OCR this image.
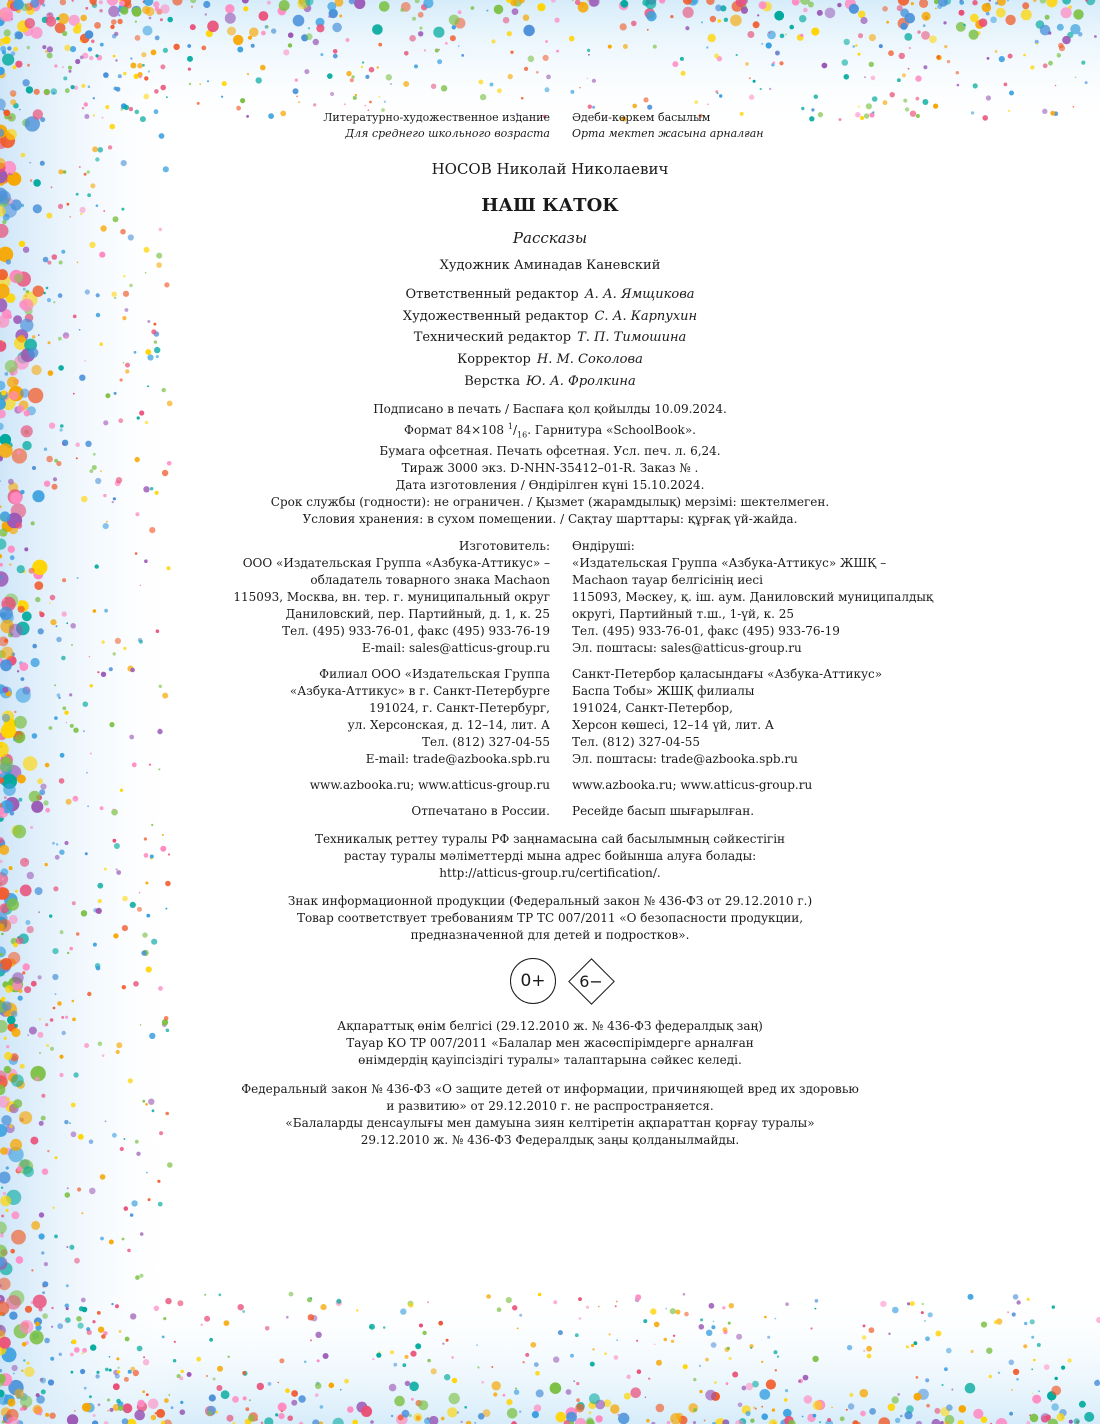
Литературно-художественное издание
Для среднего школьного возраста
Әдеби-көркем басылым
Орта мектеп жасына арналған
НОСОВ Николай Николаевич
НАШ КАТОК
Рассказы
Художник Аминадав Каневский
Ответственный редактор А. А. Ямщикова
Художественный редактор С. А. Карпухин
Технический редактор Т. П. Тимошина
Корректор Н. М. Соколова
Верстка Ю. А. Фролкина
Подписано в печать / Баспаға қол қойылды 10.09.2024.
Формат 84×108 $^1/_{16}$. Гарнитура «SchoolBook».
Бумага офсетная. Печать офсетная. Усл. печ. л. 6,24.
Тираж 3000 экз. D-NHN-35412–01-R. Заказ № .
Дата изготовления / Өндірілген күні 15.10.2024.
Срок службы (годности): не ограничен. / Қызмет (жарамдылық) мерзімі: шектелмеген.
Условия хранения: в сухом помещении. / Сақтау шарттары: құрғақ үй-жайда.
Изготовитель:
ООО «Издательская Группа «Азбука-Аттикус» –
обладатель товарного знака Machaon
115093, Москва, вн. тер. г. муниципальный округ
Даниловский, пер. Партийный, д. 1, к. 25
Тел. (495) 933-76-01, факс (495) 933-76-19
E-mail: sales@atticus-group.ru
Өндіруші:
«Издательская Группа «Азбука-Аттикус» ЖШҚ –
Machaon тауар белгісінің иесі
115093, Мәскеу, қ. іш. аум. Даниловский муниципалдық
округі, Партийный т.ш., 1-үй, к. 25
Тел. (495) 933-76-01, факс (495) 933-76-19
Эл. поштасы: sales@atticus-group.ru
Филиал ООО «Издательская Группа
«Азбука-Аттикус» в г. Санкт-Петербурге
191024, г. Санкт-Петербург,
ул. Херсонская, д. 12–14, лит. А
Тел. (812) 327-04-55
E-mail: trade@azbooka.spb.ru
Санкт-Петербор қаласындағы «Азбука-Аттикус»
Баспа Тобы» ЖШҚ филиалы
191024, Санкт-Петербор,
Херсон көшесі, 12–14 үй, лит. А
Тел. (812) 327-04-55
Эл. поштасы: trade@azbooka.spb.ru
www.azbooka.ru; www.atticus-group.ru www.azbooka.ru; www.atticus-group.ru
Отпечатано в России. Ресейде басып шығарылған.
Техникалық реттеу туралы РФ заңнамасына сай басылымның сәйкестігін
растау туралы мәліметтерді мына адрес бойынша алуға болады:
http://atticus-group.ru/certification/.
Знак информационной продукции (Федеральный закон № 436-ФЗ от 29.12.2010 г.)
Товар соответствует требованиям ТР ТС 007/2011 «О безопасности продукции,
предназначенной для детей и подростков».
0+	6−
Ақпараттық өнім белгісі (29.12.2010 ж. № 436-ФЗ федералдық заң)
Тауар КО ТР 007/2011 «Балалар мен жасөспірімдерге арналған
өнімдердің қауіпсіздігі туралы» талаптарына сәйкес келеді.
Федеральный закон № 436-ФЗ «О защите детей от информации, причиняющей вред их здоровью
и развитию» от 29.12.2010 г. не распространяется.
«Балаларды денсаулығы мен дамуына зиян келтіретін ақпараттан қорғау туралы»
29.12.2010 ж. № 436-ФЗ Федералдық заңы қолданылмайды.
